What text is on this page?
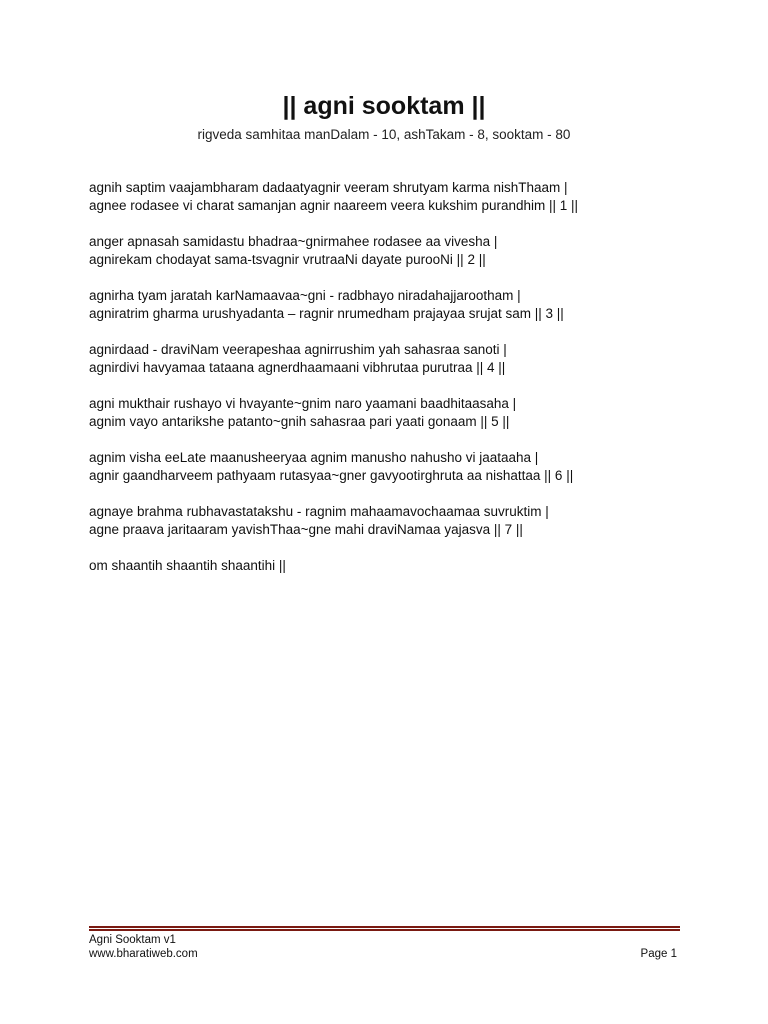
|| agni sooktam ||
rigveda samhitaa manDalam - 10, ashTakam - 8, sooktam - 80

agnih saptim vaajambharam dadaatyagnir veeram shrutyam karma nishThaam |
agnee rodasee vi charat samanjan agnir naareem veera kukshim purandhim || 1 ||

anger apnasah samidastu bhadraa~gnirmahee rodasee aa vivesha |
agnirekam chodayat sama-tsvagnir vrutraaNi dayate purooNi || 2 ||

agnirha tyam jaratah karNamaavaa~gni - radbhayo niradahajjarootham |
agniratrim gharma urushyadanta – ragnir nrumedham prajayaa srujat sam || 3 ||

agnirdaad - draviNam veerapeshaa agnirrushim yah sahasraa sanoti |
agnirdivi havyamaa tataana agnerdhaamaani vibhrutaa purutraa || 4 ||

agni mukthair rushayo vi hvayante~gnim naro yaamani baadhitaasaha |
agnim vayo antarikshe patanto~gnih sahasraa pari yaati gonaam || 5 ||

agnim visha eeLate maanusheeryaa agnim manusho nahusho vi jaataaha |
agnir gaandharveem pathyaam rutasyaa~gner gavyootirghruta aa nishattaa || 6 ||

agnaye brahma rubhavastatakshu - ragnim mahaamavochaamaa suvruktim |
agne praava jaritaaram yavishThaa~gne mahi draviNamaa yajasva || 7 ||

om shaantih shaantih shaantihi ||

Agni Sooktam v1
www.bharatiweb.com	Page 1
